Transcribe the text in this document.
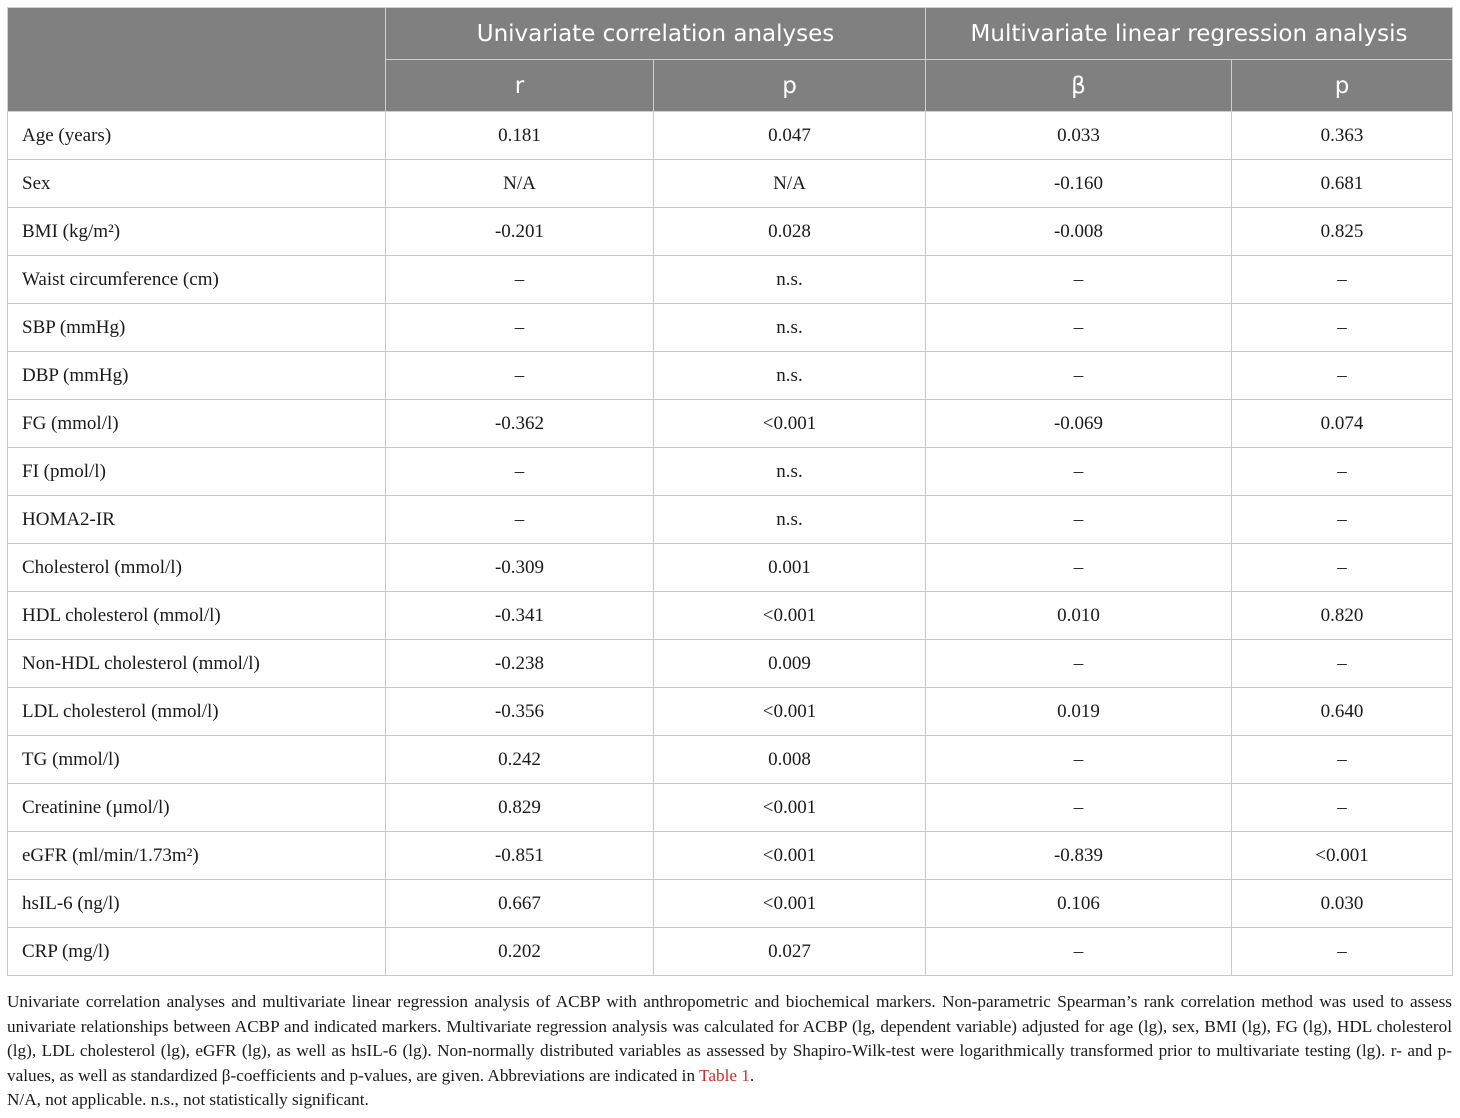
	Univariate correlation analyses		Multivariate linear regression analysis	
	r	p	β	p
Age (years)	0.181	0.047	0.033	0.363
Sex	N/A	N/A	-0.160	0.681
BMI (kg/m²)	-0.201	0.028	-0.008	0.825
Waist circumference (cm)	–	n.s.	–	–
SBP (mmHg)	–	n.s.	–	–
DBP (mmHg)	–	n.s.	–	–
FG (mmol/l)	-0.362	<0.001	-0.069	0.074
FI (pmol/l)	–	n.s.	–	–
HOMA2-IR	–	n.s.	–	–
Cholesterol (mmol/l)	-0.309	0.001	–	–
HDL cholesterol (mmol/l)	-0.341	<0.001	0.010	0.820
Non-HDL cholesterol (mmol/l)	-0.238	0.009	–	–
LDL cholesterol (mmol/l)	-0.356	<0.001	0.019	0.640
TG (mmol/l)	0.242	0.008	–	–
Creatinine (µmol/l)	0.829	<0.001	–	–
eGFR (ml/min/1.73m²)	-0.851	<0.001	-0.839	<0.001
hsIL-6 (ng/l)	0.667	<0.001	0.106	0.030
CRP (mg/l)	0.202	0.027	–	–

Univariate correlation analyses and multivariate linear regression analysis of ACBP with anthropometric and biochemical markers. Non-parametric Spearman’s rank correlation method was used to assess univariate relationships between ACBP and indicated markers. Multivariate regression analysis was calculated for ACBP (lg, dependent variable) adjusted for age (lg), sex, BMI (lg), FG (lg), HDL cholesterol (lg), LDL cholesterol (lg), eGFR (lg), as well as hsIL-6 (lg). Non-normally distributed variables as assessed by Shapiro-Wilk-test were logarithmically transformed prior to multivariate testing (lg). r- and p-values, as well as standardized β-coefficients and p-values, are given. Abbreviations are indicated in Table 1.

N/A, not applicable. n.s., not statistically significant.
